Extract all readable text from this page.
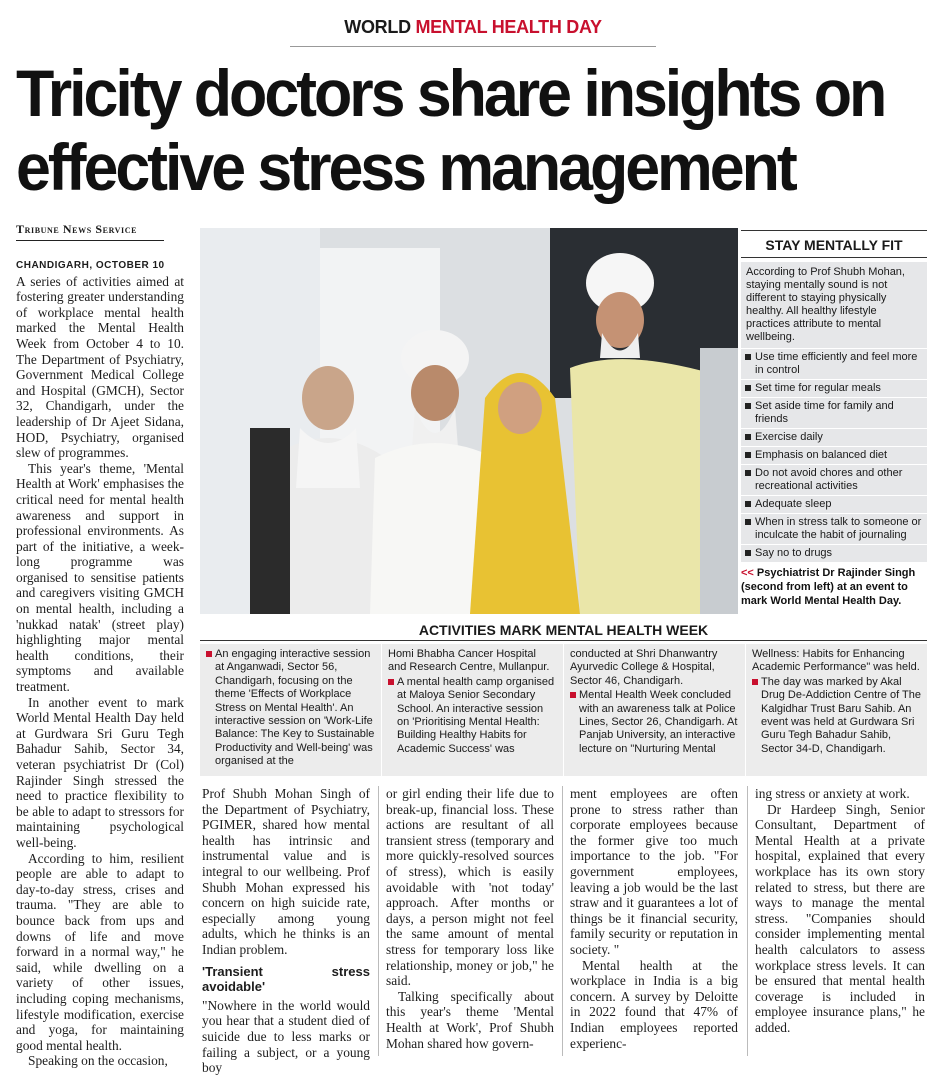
WORLD MENTAL HEALTH DAY
Tricity doctors share insights on
effective stress management
Tribune News Service
CHANDIGARH, OCTOBER 10

A series of activities aimed at fostering greater understanding of workplace mental health marked the Mental Health Week from October 4 to 10. The Department of Psychiatry, Government Medical College and Hospital (GMCH), Sector 32, Chandigarh, under the leadership of Dr Ajeet Sidana, HOD, Psychiatry, organised slew of programmes.

This year's theme, 'Mental Health at Work' emphasises the critical need for mental health awareness and support in professional environments. As part of the initiative, a week-long programme was organised to sensitise patients and caregivers visiting GMCH on mental health, including a 'nukkad natak' (street play) highlighting major mental health conditions, their symptoms and available treatment.

In another event to mark World Mental Health Day held at Gurdwara Sri Guru Tegh Bahadur Sahib, Sector 34, veteran psychiatrist Dr (Col) Rajinder Singh stressed the need to practice flexibility to be able to adapt to stressors for maintaining psychological well-being.

According to him, resilient people are able to adapt to day-to-day stress, crises and trauma. "They are able to bounce back from ups and downs of life and move forward in a normal way," he said, while dwelling on a variety of other issues, including coping mechanisms, lifestyle modification, exercise and yoga, for maintaining good mental health.

Speaking on the occasion,

STAY MENTALLY FIT
According to Prof Shubh Mohan, staying mentally sound is not different to staying physically healthy. All healthy lifestyle practices attribute to mental wellbeing.
Use time efficiently and feel more in control
Set time for regular meals
Set aside time for family and friends
Exercise daily
Emphasis on balanced diet
Do not avoid chores and other recreational activities
Adequate sleep
When in stress talk to someone or inculcate the habit of journaling
Say no to drugs
<< Psychiatrist Dr Rajinder Singh (second from left) at an event to mark World Mental Health Day.
ACTIVITIES MARK MENTAL HEALTH WEEK
An engaging interactive session at Anganwadi, Sector 56, Chandigarh, focusing on the theme 'Effects of Workplace Stress on Mental Health'. An interactive session on 'Work-Life Balance: The Key to Sustainable Productivity and Well-being' was organised at the
Homi Bhabha Cancer Hospital and Research Centre, Mullanpur.
A mental health camp organised at Maloya Senior Secondary School. An interactive session on 'Prioritising Mental Health: Building Healthy Habits for Academic Success' was
conducted at Shri Dhanwantry Ayurvedic College & Hospital, Sector 46, Chandigarh.
Mental Health Week concluded with an awareness talk at Police Lines, Sector 26, Chandigarh. At Panjab University, an interactive lecture on "Nurturing Mental
Wellness: Habits for Enhancing Academic Performance" was held.
The day was marked by Akal Drug De-Addiction Centre of The Kalgidhar Trust Baru Sahib. An event was held at Gurdwara Sri Guru Tegh Bahadur Sahib, Sector 34-D, Chandigarh.

Prof Shubh Mohan Singh of the Department of Psychiatry, PGIMER, shared how mental health has intrinsic and instrumental value and is integral to our wellbeing. Prof Shubh Mohan expressed his concern on high suicide rate, especially among young adults, which he thinks is an Indian problem.

'Transient stress avoidable'

"Nowhere in the world would you hear that a student died of suicide due to less marks or failing a subject, or a young boy

or girl ending their life due to break-up, financial loss. These actions are resultant of all transient stress (temporary and more quickly-resolved sources of stress), which is easily avoidable with 'not today' approach. After months or days, a person might not feel the same amount of mental stress for temporary loss like relationship, money or job," he said.

Talking specifically about this year's theme 'Mental Health at Work', Prof Shubh Mohan shared how govern-

ment employees are often prone to stress rather than corporate employees because the former give too much importance to the job. "For government employees, leaving a job would be the last straw and it guarantees a lot of things be it financial security, family security or reputation in society. "

Mental health at the workplace in India is a big concern. A survey by Deloitte in 2022 found that 47% of Indian employees reported experienc-

ing stress or anxiety at work.

Dr Hardeep Singh, Senior Consultant, Department of Mental Health at a private hospital, explained that every workplace has its own story related to stress, but there are ways to manage the mental stress. "Companies should consider implementing mental health calculators to assess workplace stress levels. It can be ensured that mental health coverage is included in employee insurance plans," he added.
